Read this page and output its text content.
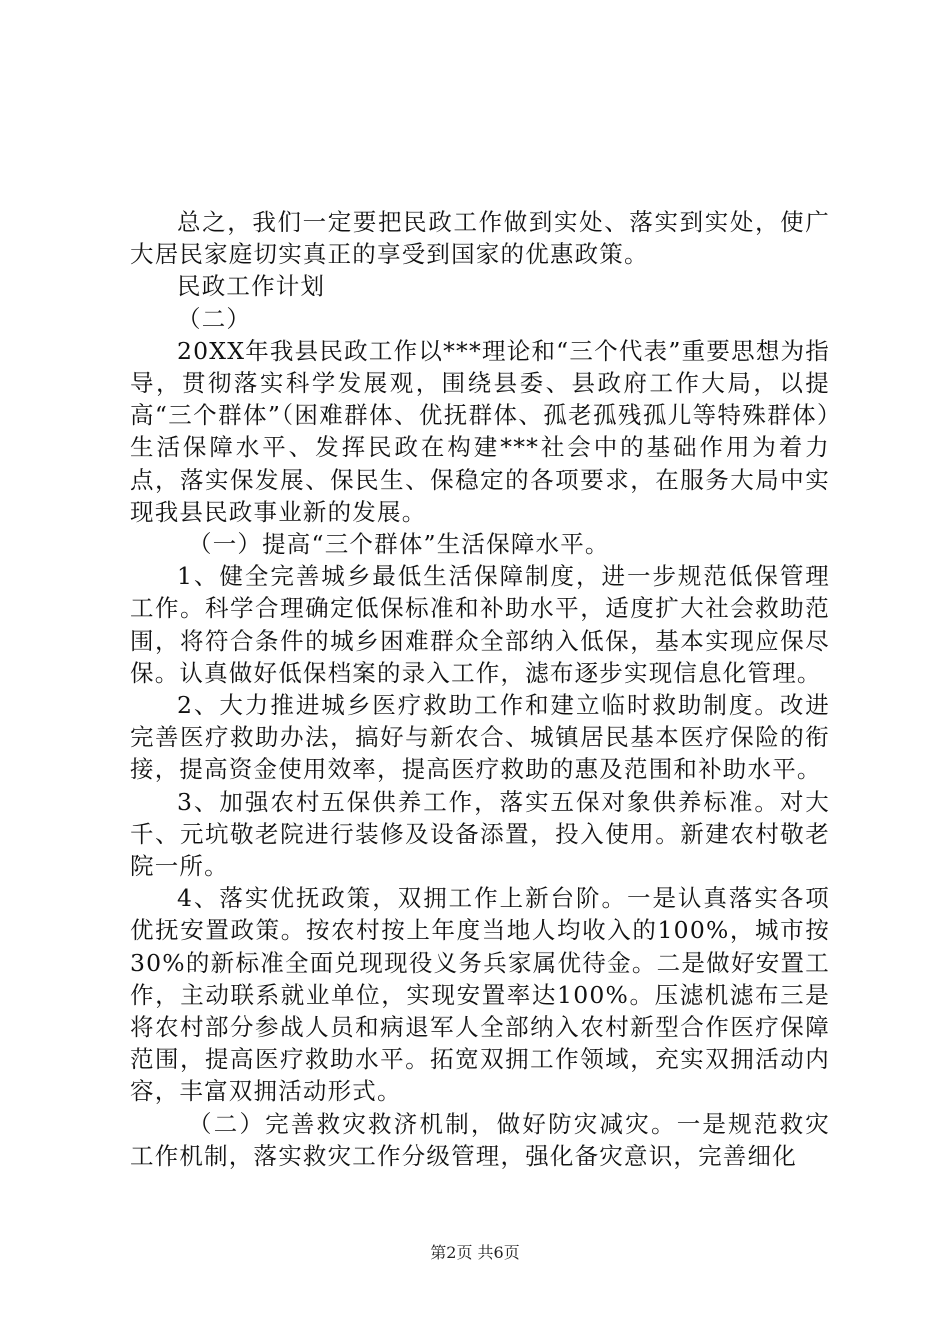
总之，我们一定要把民政工作做到实处、落实到实处，使广大居民家庭切实真正的享受到国家的优惠政策。

民政工作计划

（二）

20XX年我县民政工作以***理论和“三个代表”重要思想为指导，贯彻落实科学发展观，围绕县委、县政府工作大局，以提高“三个群体”（困难群体、优抚群体、孤老孤残孤儿等特殊群体）生活保障水平、发挥民政在构建***社会中的基础作用为着力点，落实保发展、保民生、保稳定的各项要求，在服务大局中实现我县民政事业新的发展。

（一）提高“三个群体”生活保障水平。

1、健全完善城乡最低生活保障制度，进一步规范低保管理工作。科学合理确定低保标准和补助水平，适度扩大社会救助范围，将符合条件的城乡困难群众全部纳入低保，基本实现应保尽保。认真做好低保档案的录入工作，滤布逐步实现信息化管理。

2、大力推进城乡医疗救助工作和建立临时救助制度。改进完善医疗救助办法，搞好与新农合、城镇居民基本医疗保险的衔接，提高资金使用效率，提高医疗救助的惠及范围和补助水平。

3、加强农村五保供养工作，落实五保对象供养标准。对大千、元坑敬老院进行装修及设备添置，投入使用。新建农村敬老院一所。

4、落实优抚政策，双拥工作上新台阶。一是认真落实各项优抚安置政策。按农村按上年度当地人均收入的100%，城市按30%的新标准全面兑现现役义务兵家属优待金。二是做好安置工作，主动联系就业单位，实现安置率达100%。压滤机滤布三是将农村部分参战人员和病退军人全部纳入农村新型合作医疗保障范围，提高医疗救助水平。拓宽双拥工作领域，充实双拥活动内容，丰富双拥活动形式。

（二）完善救灾救济机制，做好防灾减灾。一是规范救灾工作机制，落实救灾工作分级管理，强化备灾意识，完善细化

第2页 共6页
